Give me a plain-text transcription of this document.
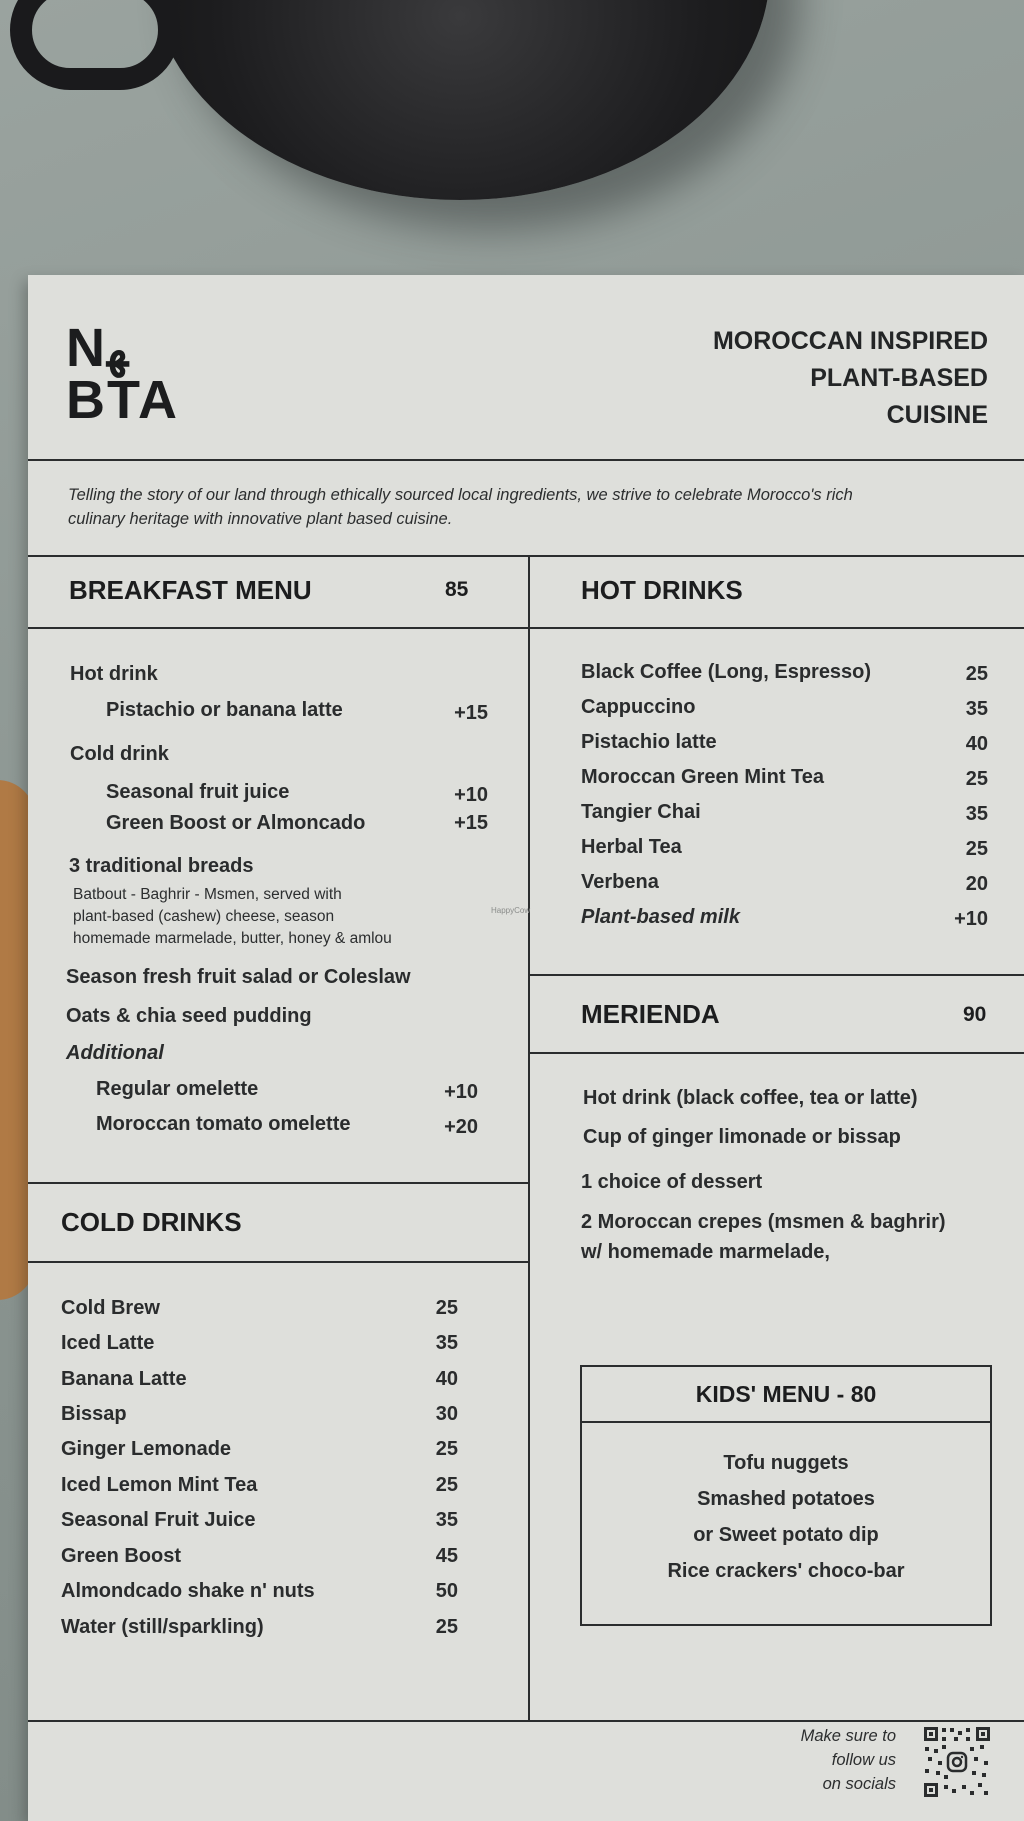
Nﻬ
BTA
MOROCCAN INSPIRED
PLANT-BASED
CUISINE
Telling the story of our land through ethically sourced local ingredients, we strive to celebrate Morocco's rich culinary heritage with innovative plant based cuisine.
BREAKFAST MENU	85
Hot drink
Pistachio or banana latte	+15
Cold drink
Seasonal fruit juice	+10
Green Boost or Almoncado	+15
3 traditional breads
Batbout - Baghrir - Msmen, served with
plant-based (cashew) cheese, season
homemade marmelade, butter, honey & amlou
Season fresh fruit salad or Coleslaw
Oats & chia seed pudding
Additional
Regular omelette	+10
Moroccan tomato omelette	+20
COLD DRINKS
Cold Brew	25
Iced Latte	35
Banana Latte	40
Bissap	30
Ginger Lemonade	25
Iced Lemon Mint Tea	25
Seasonal Fruit Juice	35
Green Boost	45
Almondcado shake n' nuts	50
Water (still/sparkling)	25
HOT DRINKS
Black Coffee (Long, Espresso)	25
Cappuccino	35
Pistachio latte	40
Moroccan Green Mint Tea	25
Tangier Chai	35
Herbal Tea	25
Verbena	20
Plant-based milk	+10
HappyCow
MERIENDA	90
Hot drink (black coffee, tea or latte)
Cup of ginger limonade or bissap
1 choice of dessert
2 Moroccan crepes (msmen & baghrir)
w/ homemade marmelade,
KIDS' MENU - 80
Tofu nuggets
Smashed potatoes
or Sweet potato dip
Rice crackers' choco-bar
Make sure to
follow us
on socials
